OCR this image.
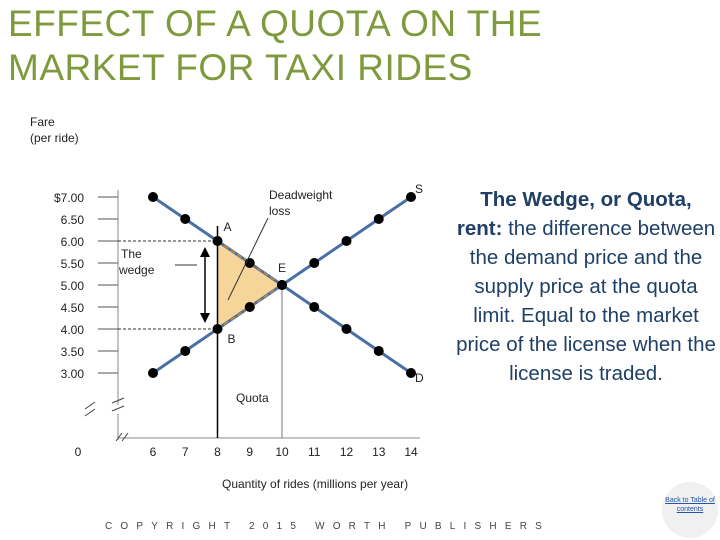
EFFECT OF A QUOTA ON THE
MARKET FOR TAXI RIDES
Fare
(per ride)
Quantity of rides (millions per year)
Quota
The
wedge
Deadweight
loss
$7.00
6.50
6.00
5.50
5.00
4.50
4.00
3.50
3.00
0	6 7 8 9 10 11 12 13 14
A
B
E
S
D
The Wedge, or Quota, rent: the difference between the demand price and the supply price at the quota limit. Equal to the market price of the license when the license is traded.
COPYRIGHT 2015 WORTH PUBLISHERS
Back to Table of contents
